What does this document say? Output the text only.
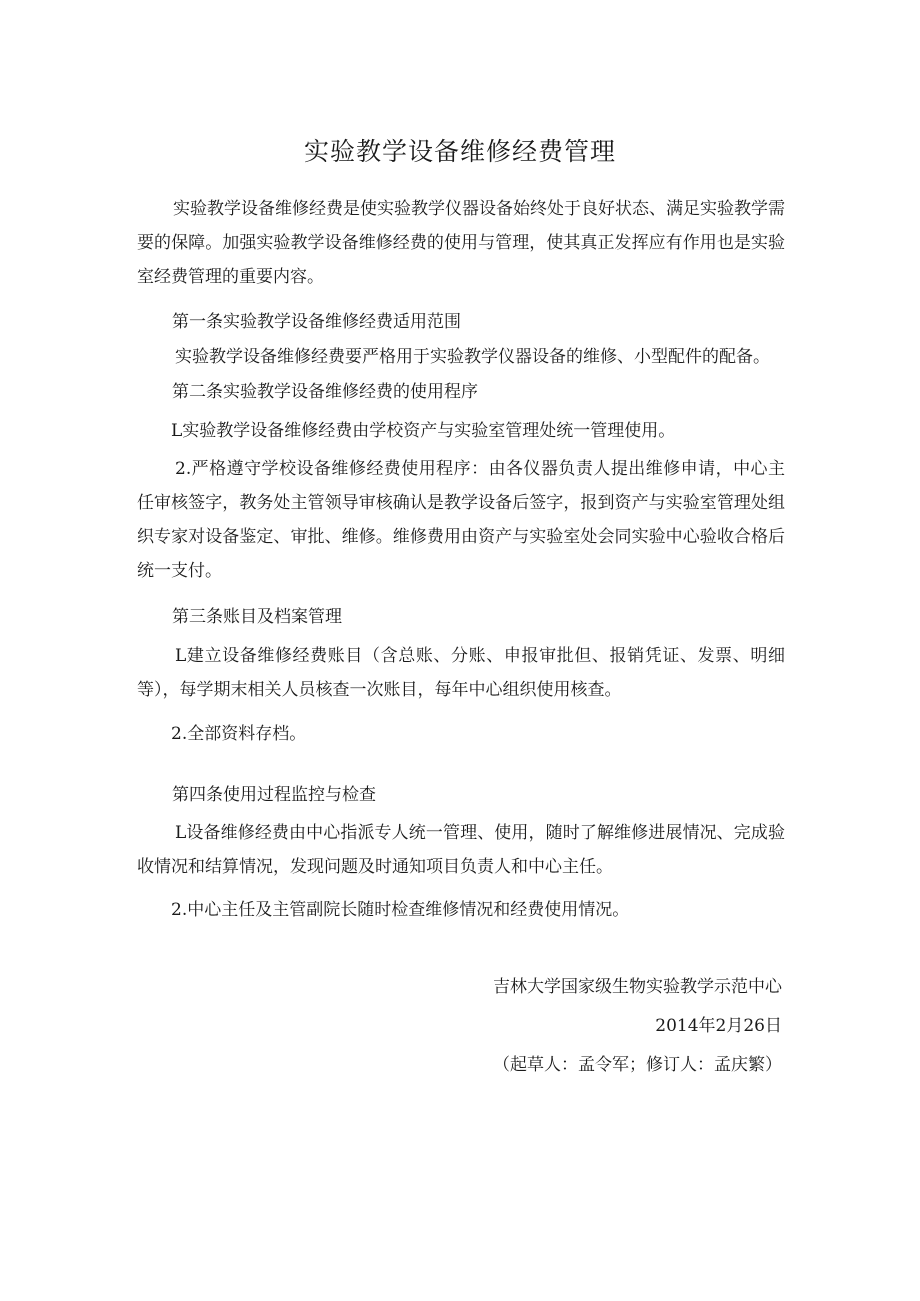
实验教学设备维修经费管理

实验教学设备维修经费是使实验教学仪器设备始终处于良好状态、满足实验教学需要的保障。加强实验教学设备维修经费的使用与管理，使其真正发挥应有作用也是实验室经费管理的重要内容。

第一条实验教学设备维修经费适用范围

实验教学设备维修经费要严格用于实验教学仪器设备的维修、小型配件的配备。

第二条实验教学设备维修经费的使用程序

L实验教学设备维修经费由学校资产与实验室管理处统一管理使用。

2.严格遵守学校设备维修经费使用程序：由各仪器负责人提出维修申请，中心主任审核签字，教务处主管领导审核确认是教学设备后签字，报到资产与实验室管理处组织专家对设备鉴定、审批、维修。维修费用由资产与实验室处会同实验中心验收合格后统一支付。

第三条账目及档案管理

L建立设备维修经费账目（含总账、分账、申报审批但、报销凭证、发票、明细等），每学期末相关人员核查一次账目，每年中心组织使用核查。

2.全部资料存档。

第四条使用过程监控与检查

L设备维修经费由中心指派专人统一管理、使用，随时了解维修进展情况、完成验收情况和结算情况，发现问题及时通知项目负责人和中心主任。

2.中心主任及主管副院长随时检查维修情况和经费使用情况。

吉林大学国家级生物实验教学示范中心

2014年2月26日

（起草人：孟令军；修订人：孟庆繁）
